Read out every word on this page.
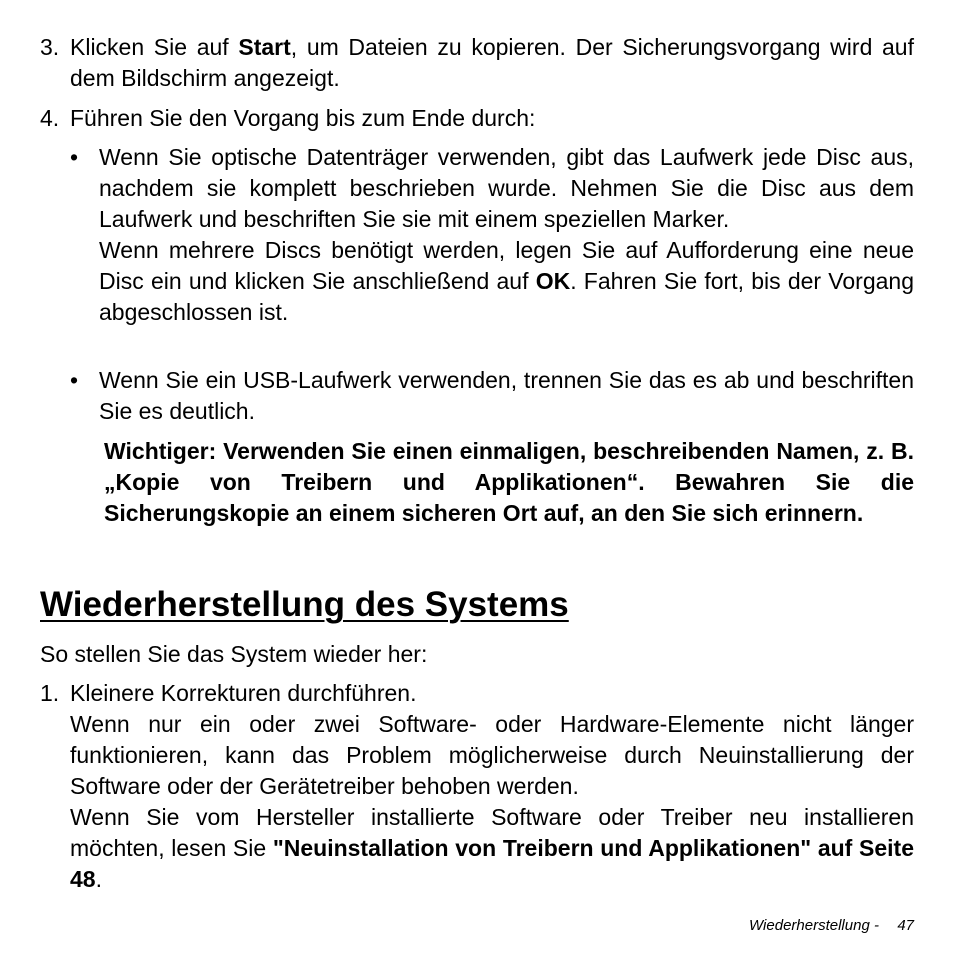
3. Klicken Sie auf Start, um Dateien zu kopieren. Der Sicherungsvorgang wird auf dem Bildschirm angezeigt.

4. Führen Sie den Vorgang bis zum Ende durch:

• Wenn Sie optische Datenträger verwenden, gibt das Laufwerk jede Disc aus, nachdem sie komplett beschrieben wurde. Nehmen Sie die Disc aus dem Laufwerk und beschriften Sie sie mit einem speziellen Marker.

Wenn mehrere Discs benötigt werden, legen Sie auf Aufforderung eine neue Disc ein und klicken Sie anschließend auf OK. Fahren Sie fort, bis der Vorgang abgeschlossen ist.

• Wenn Sie ein USB-Laufwerk verwenden, trennen Sie das es ab und beschriften Sie es deutlich.

Wichtiger: Verwenden Sie einen einmaligen, beschreibenden Namen, z. B. „Kopie von Treibern und Applikationen“. Bewahren Sie die Sicherungskopie an einem sicheren Ort auf, an den Sie sich erinnern.

Wiederherstellung des Systems

So stellen Sie das System wieder her:

1. Kleinere Korrekturen durchführen.

Wenn nur ein oder zwei Software- oder Hardware-Elemente nicht länger funktionieren, kann das Problem möglicherweise durch Neuinstallierung der Software oder der Gerätetreiber behoben werden.

Wenn Sie vom Hersteller installierte Software oder Treiber neu installieren möchten, lesen Sie "Neuinstallation von Treibern und Applikationen" auf Seite 48.

Wiederherstellung - 47
